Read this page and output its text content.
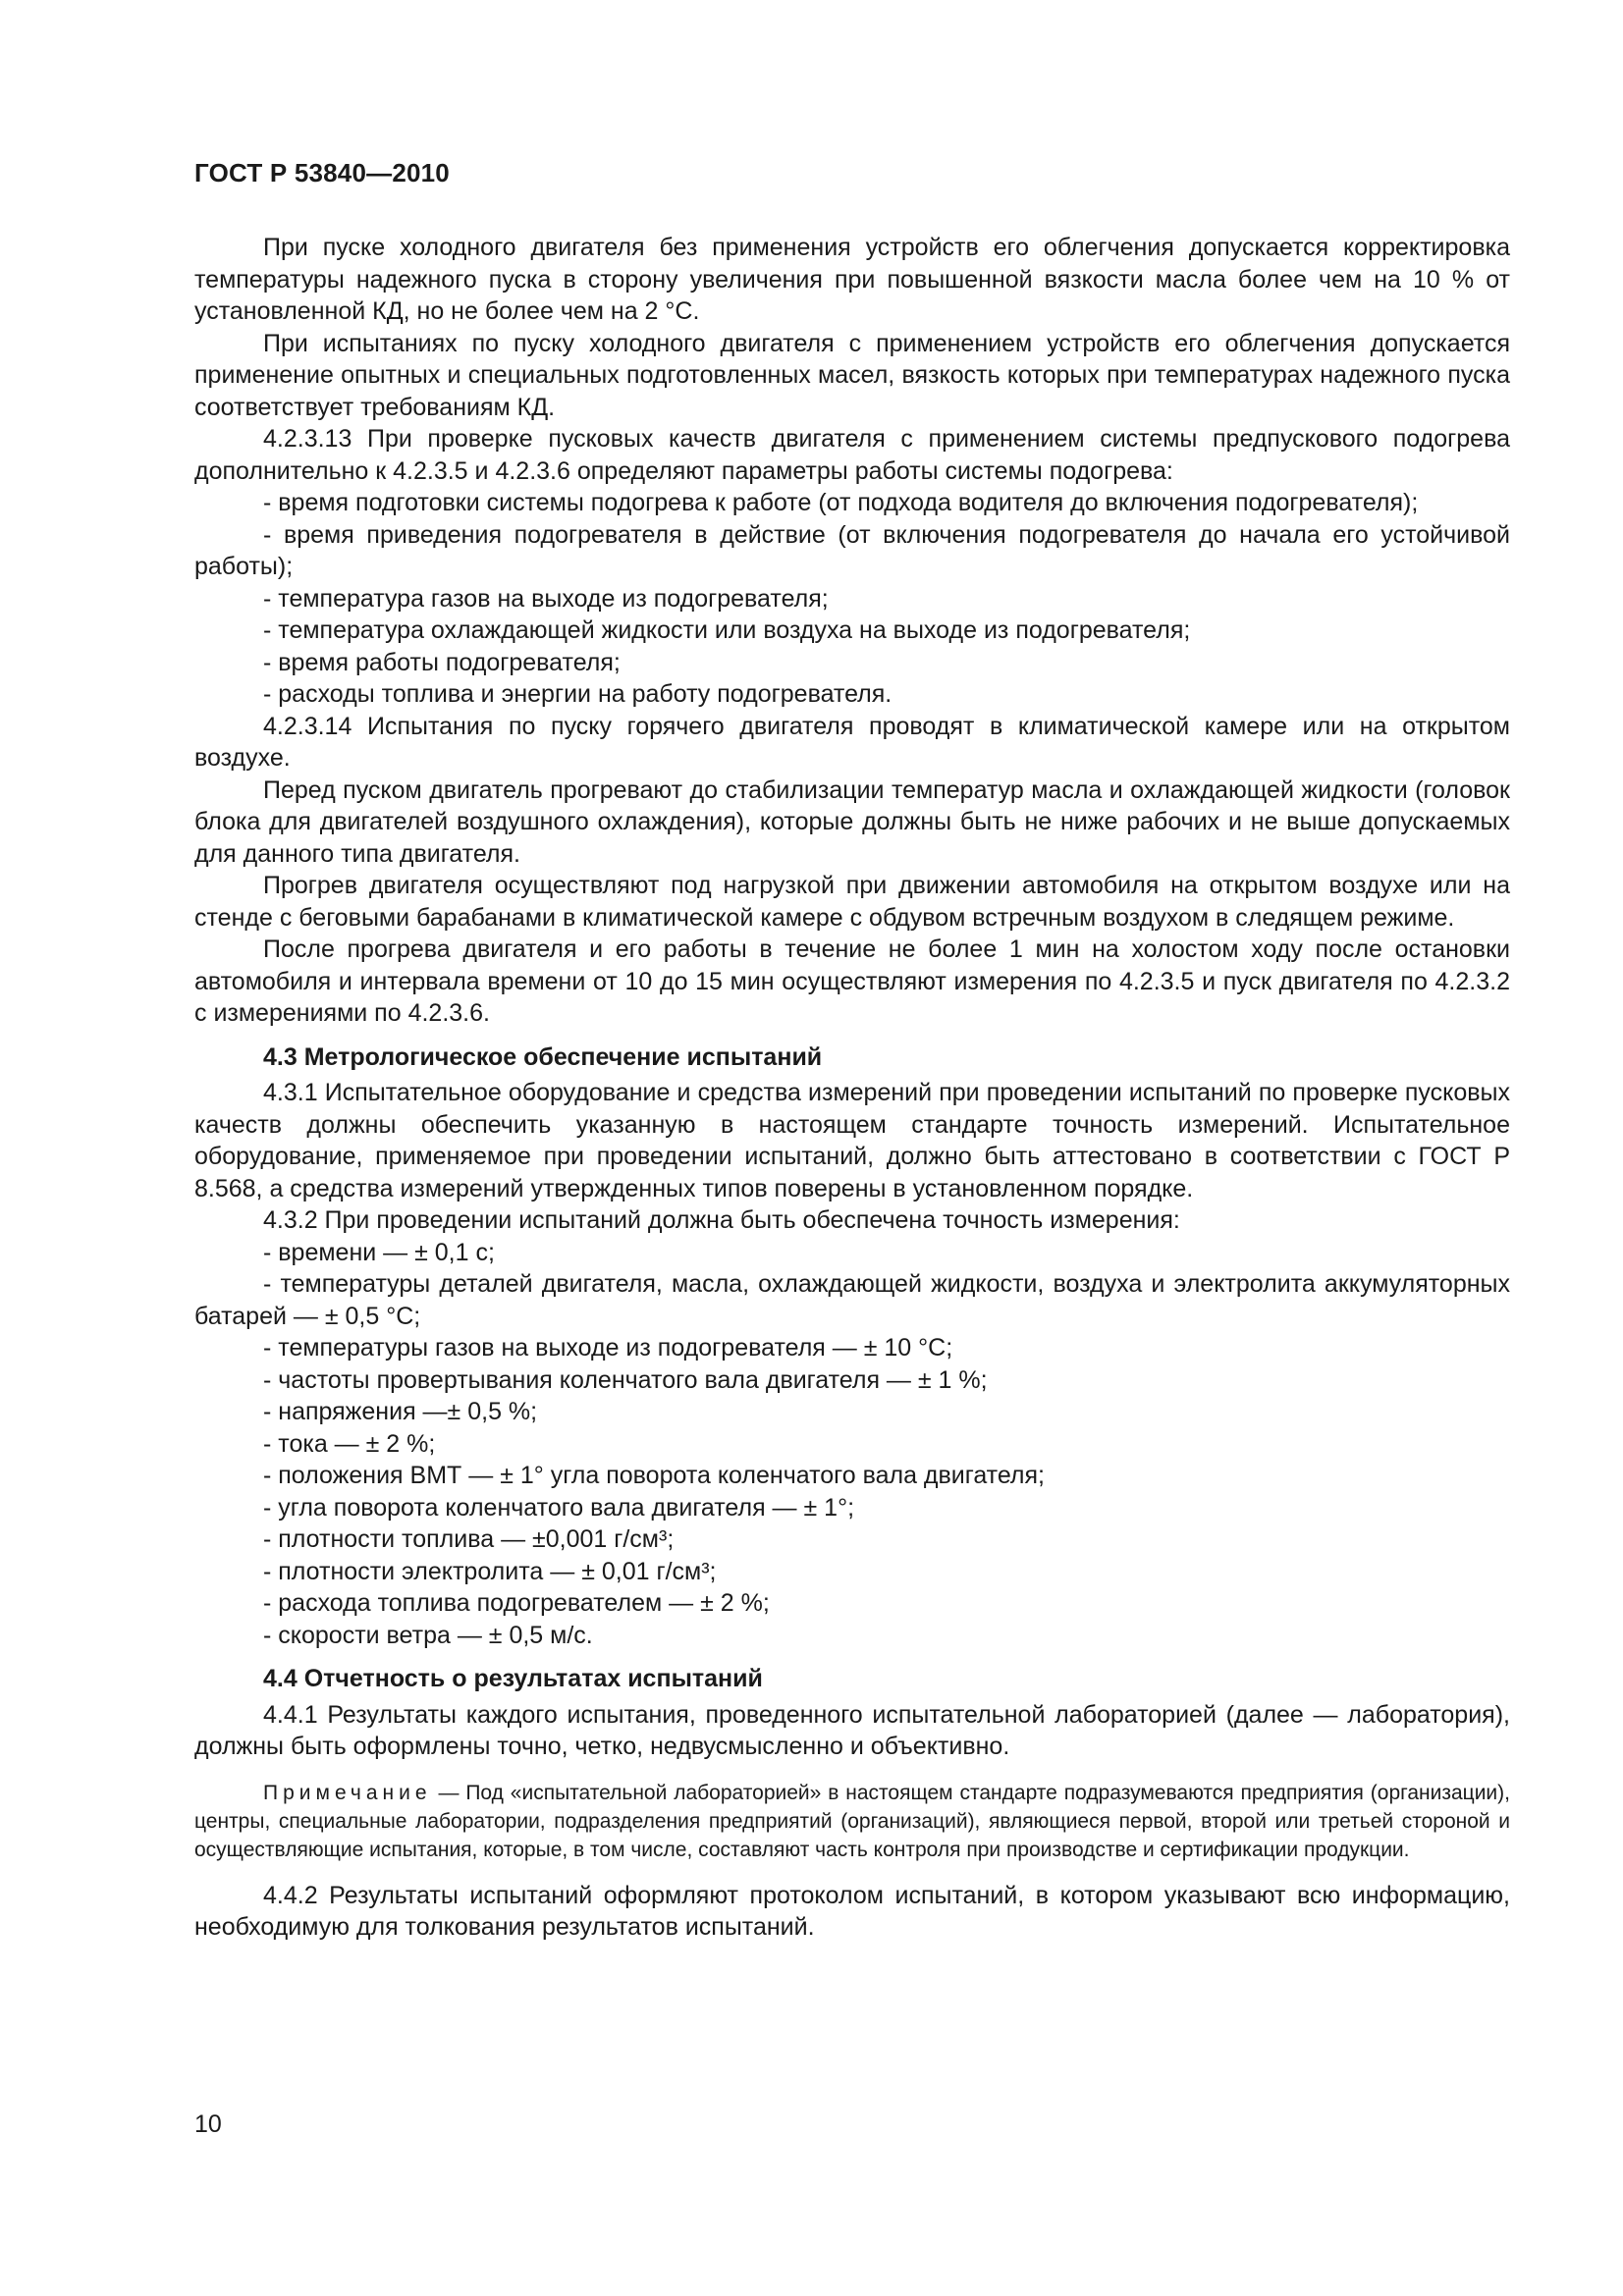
ГОСТ Р 53840—2010

При пуске холодного двигателя без применения устройств его облегчения допускается корректировка температуры надежного пуска в сторону увеличения при повышенной вязкости масла более чем на 10 % от установленной КД, но не более чем на 2 °С.

При испытаниях по пуску холодного двигателя с применением устройств его облегчения допускается применение опытных и специальных подготовленных масел, вязкость которых при температурах надежного пуска соответствует требованиям КД.

4.2.3.13 При проверке пусковых качеств двигателя с применением системы предпускового подогрева дополнительно к 4.2.3.5 и 4.2.3.6 определяют параметры работы системы подогрева:

- время подготовки системы подогрева к работе (от подхода водителя до включения подогревателя);

- время приведения подогревателя в действие (от включения подогревателя до начала его устойчивой работы);

- температура газов на выходе из подогревателя;

- температура охлаждающей жидкости или воздуха на выходе из подогревателя;

- время работы подогревателя;

- расходы топлива и энергии на работу подогревателя.

4.2.3.14 Испытания по пуску горячего двигателя проводят в климатической камере или на открытом воздухе.

Перед пуском двигатель прогревают до стабилизации температур масла и охлаждающей жидкости (головок блока для двигателей воздушного охлаждения), которые должны быть не ниже рабочих и не выше допускаемых для данного типа двигателя.

Прогрев двигателя осуществляют под нагрузкой при движении автомобиля на открытом воздухе или на стенде с беговыми барабанами в климатической камере с обдувом встречным воздухом в следящем режиме.

После прогрева двигателя и его работы в течение не более 1 мин на холостом ходу после остановки автомобиля и интервала времени от 10 до 15 мин осуществляют измерения по 4.2.3.5 и пуск двигателя по 4.2.3.2 с измерениями по 4.2.3.6.

4.3 Метрологическое обеспечение испытаний

4.3.1 Испытательное оборудование и средства измерений при проведении испытаний по проверке пусковых качеств должны обеспечить указанную в настоящем стандарте точность измерений. Испытательное оборудование, применяемое при проведении испытаний, должно быть аттестовано в соответствии с ГОСТ Р 8.568, а средства измерений утвержденных типов поверены в установленном порядке.

4.3.2 При проведении испытаний должна быть обеспечена точность измерения:

- времени — ± 0,1 с;

- температуры деталей двигателя, масла, охлаждающей жидкости, воздуха и электролита аккумуляторных батарей — ± 0,5 °С;

- температуры газов на выходе из подогревателя — ± 10 °С;

- частоты провертывания коленчатого вала двигателя — ± 1 %;

- напряжения —± 0,5 %;

- тока — ± 2 %;

- положения ВМТ — ± 1° угла поворота коленчатого вала двигателя;

- угла поворота коленчатого вала двигателя — ± 1°;

- плотности топлива — ±0,001 г/см³;

- плотности электролита — ± 0,01 г/см³;

- расхода топлива подогревателем — ± 2 %;

- скорости ветра — ± 0,5 м/с.

4.4 Отчетность о результатах испытаний

4.4.1 Результаты каждого испытания, проведенного испытательной лабораторией (далее — лаборатория), должны быть оформлены точно, четко, недвусмысленно и объективно.

Примечание — Под «испытательной лабораторией» в настоящем стандарте подразумеваются предприятия (организации), центры, специальные лаборатории, подразделения предприятий (организаций), являющиеся первой, второй или третьей стороной и осуществляющие испытания, которые, в том числе, составляют часть контроля при производстве и сертификации продукции.

4.4.2 Результаты испытаний оформляют протоколом испытаний, в котором указывают всю информацию, необходимую для толкования результатов испытаний.

10
